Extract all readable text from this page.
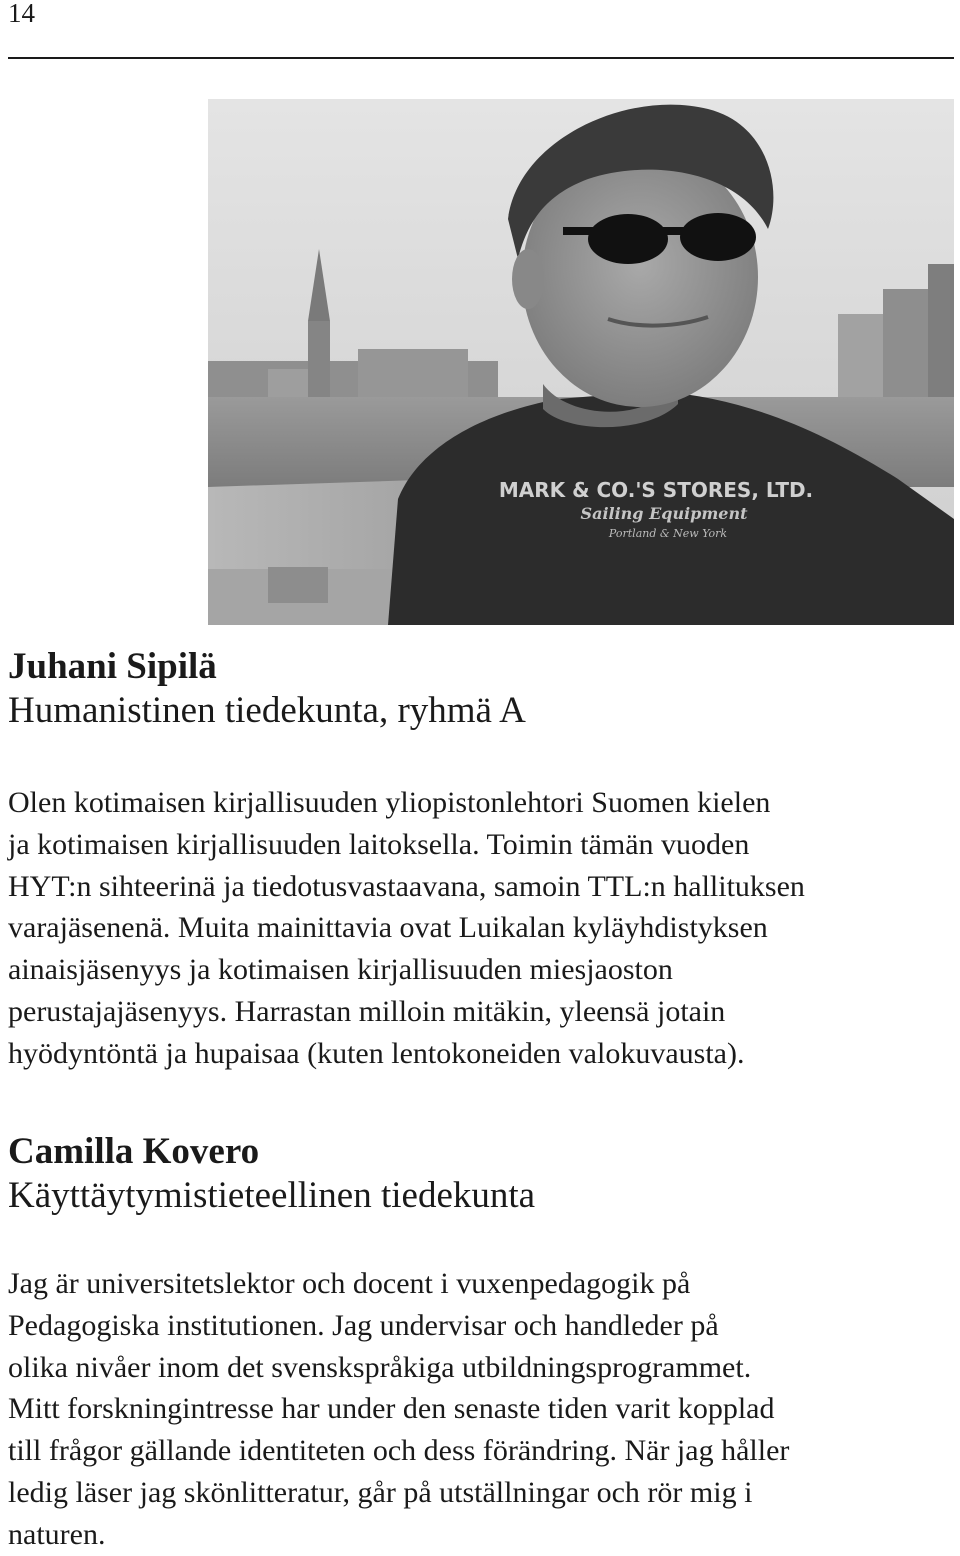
14
MARK & CO.'S STORES, LTD.
Sailing Equipment
Portland & New York
Juhani Sipilä
Humanistinen tiedekunta, ryhmä A
Olen kotimaisen kirjallisuuden yliopistonlehtori Suomen kielen
ja kotimaisen kirjallisuuden laitoksella. Toimin tämän vuoden
HYT:n sihteerinä ja tiedotusvastaavana, samoin TTL:n hallituksen
varajäsenenä. Muita mainittavia ovat Luikalan kyläyhdistyksen
ainaisjäsenyys ja kotimaisen kirjallisuuden miesjaoston
perustajajäsenyys. Harrastan milloin mitäkin, yleensä jotain
hyödyntöntä ja hupaisaa (kuten lentokoneiden valokuvausta).
Camilla Kovero
Käyttäytymistieteellinen tiedekunta
Jag är universitetslektor och docent i vuxenpedagogik på
Pedagogiska institutionen. Jag undervisar och handleder på
olika nivåer inom det svenskspråkiga utbildningsprogrammet.
Mitt forskningintresse har under den senaste tiden varit kopplad
till frågor gällande identiteten och dess förändring. När jag håller
ledig läser jag skönlitteratur, går på utställningar och rör mig i
naturen.
